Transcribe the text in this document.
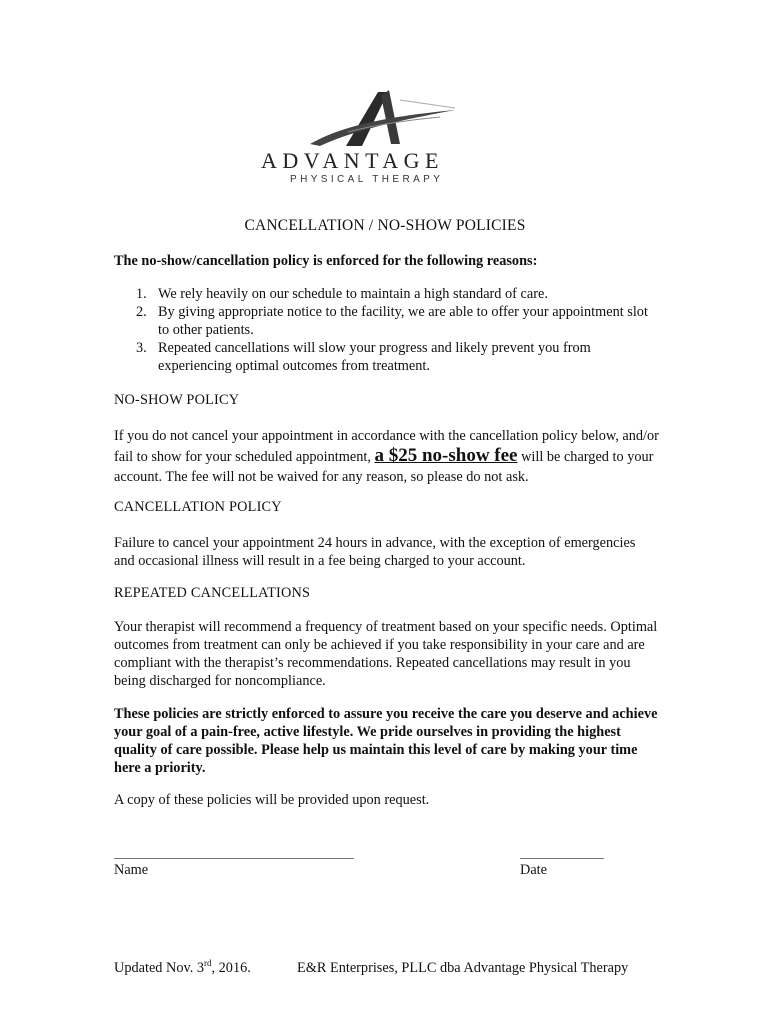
ADVANTAGE
PHYSICAL THERAPY
CANCELLATION / NO-SHOW POLICIES
The no-show/cancellation policy is enforced for the following reasons:
1. We rely heavily on our schedule to maintain a high standard of care.
2. By giving appropriate notice to the facility, we are able to offer your appointment slot to other patients.
3. Repeated cancellations will slow your progress and likely prevent you from experiencing optimal outcomes from treatment.
NO-SHOW POLICY
If you do not cancel your appointment in accordance with the cancellation policy below, and/or fail to show for your scheduled appointment, a $25 no-show fee will be charged to your account. The fee will not be waived for any reason, so please do not ask.
CANCELLATION POLICY
Failure to cancel your appointment 24 hours in advance, with the exception of emergencies and occasional illness will result in a fee being charged to your account.
REPEATED CANCELLATIONS
Your therapist will recommend a frequency of treatment based on your specific needs. Optimal outcomes from treatment can only be achieved if you take responsibility in your care and are compliant with the therapist’s recommendations. Repeated cancellations may result in you being discharged for noncompliance.
These policies are strictly enforced to assure you receive the care you deserve and achieve your goal of a pain-free, active lifestyle. We pride ourselves in providing the highest quality of care possible. Please help us maintain this level of care by making your time here a priority.
A copy of these policies will be provided upon request.
Name	Date
Updated Nov. 3rd, 2016.	E&R Enterprises, PLLC dba Advantage Physical Therapy
